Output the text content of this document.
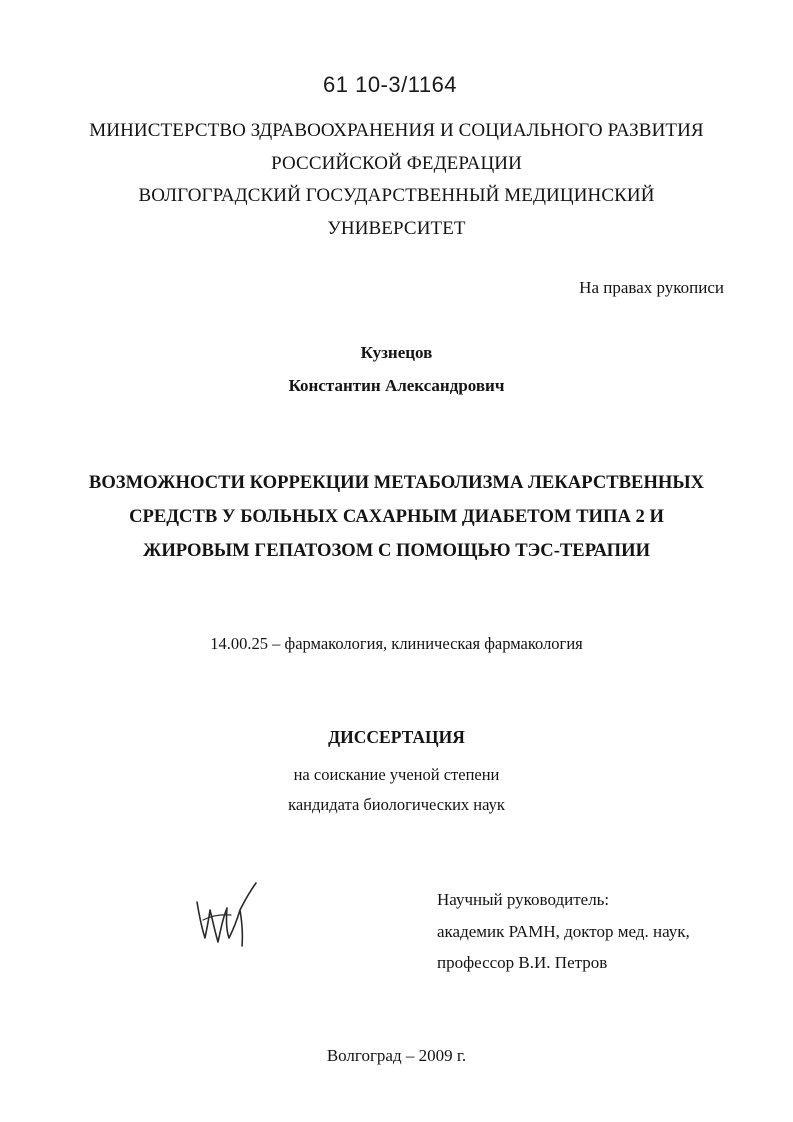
61 10-3/1164
МИНИСТЕРСТВО ЗДРАВООХРАНЕНИЯ И СОЦИАЛЬНОГО РАЗВИТИЯ
РОССИЙСКОЙ ФЕДЕРАЦИИ
ВОЛГОГРАДСКИЙ ГОСУДАРСТВЕННЫЙ МЕДИЦИНСКИЙ
УНИВЕРСИТЕТ
На правах рукописи
Кузнецов
Константин Александрович
ВОЗМОЖНОСТИ КОРРЕКЦИИ МЕТАБОЛИЗМА ЛЕКАРСТВЕННЫХ
СРЕДСТВ У БОЛЬНЫХ САХАРНЫМ ДИАБЕТОМ ТИПА 2 И
ЖИРОВЫМ ГЕПАТОЗОМ С ПОМОЩЬЮ ТЭС-ТЕРАПИИ
14.00.25 – фармакология, клиническая фармакология
ДИССЕРТАЦИЯ
на соискание ученой степени
кандидата биологических наук
Научный руководитель:
академик РАМН, доктор мед. наук,
профессор В.И. Петров
Волгоград – 2009 г.
